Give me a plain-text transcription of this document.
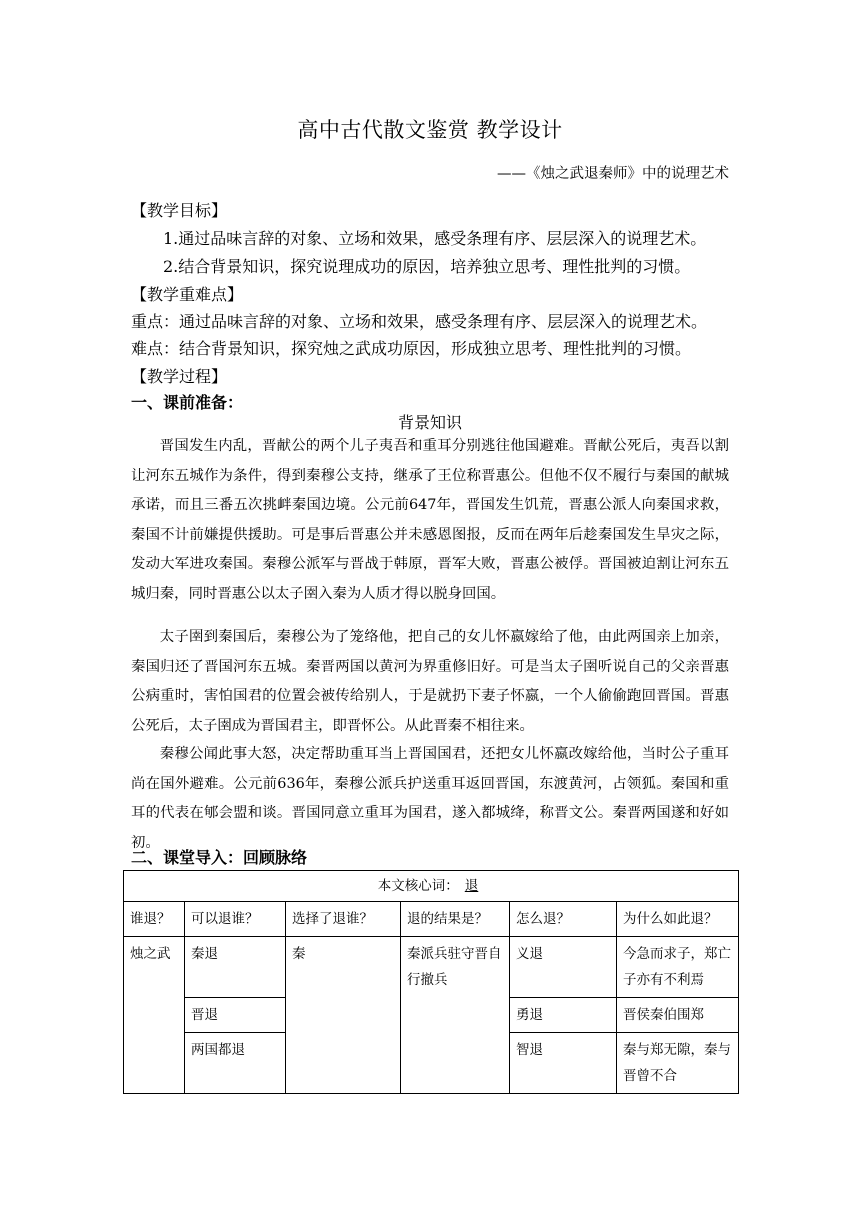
高中古代散文鉴赏 教学设计
——《烛之武退秦师》中的说理艺术
【教学目标】
1.通过品味言辞的对象、立场和效果，感受条理有序、层层深入的说理艺术。
2.结合背景知识，探究说理成功的原因，培养独立思考、理性批判的习惯。
【教学重难点】
重点：通过品味言辞的对象、立场和效果，感受条理有序、层层深入的说理艺术。
难点：结合背景知识，探究烛之武成功原因，形成独立思考、理性批判的习惯。
【教学过程】
一、课前准备：
背景知识
晋国发生内乱，晋献公的两个儿子夷吾和重耳分别逃往他国避难。晋献公死后，夷吾以割让河东五城作为条件，得到秦穆公支持，继承了王位称晋惠公。但他不仅不履行与秦国的献城承诺，而且三番五次挑衅秦国边境。公元前647年，晋国发生饥荒，晋惠公派人向秦国求救，秦国不计前嫌提供援助。可是事后晋惠公并未感恩图报，反而在两年后趁秦国发生旱灾之际，发动大军进攻秦国。秦穆公派军与晋战于韩原，晋军大败，晋惠公被俘。晋国被迫割让河东五城归秦，同时晋惠公以太子圉入秦为人质才得以脱身回国。
太子圉到秦国后，秦穆公为了笼络他，把自己的女儿怀嬴嫁给了他，由此两国亲上加亲，秦国归还了晋国河东五城。秦晋两国以黄河为界重修旧好。可是当太子圉听说自己的父亲晋惠公病重时，害怕国君的位置会被传给别人，于是就扔下妻子怀嬴，一个人偷偷跑回晋国。晋惠公死后，太子圉成为晋国君主，即晋怀公。从此晋秦不相往来。
秦穆公闻此事大怒，决定帮助重耳当上晋国国君，还把女儿怀嬴改嫁给他，当时公子重耳尚在国外避难。公元前636年，秦穆公派兵护送重耳返回晋国，东渡黄河，占领狐。秦国和重耳的代表在郇会盟和谈。晋国同意立重耳为国君，遂入都城绛，称晋文公。秦晋两国遂和好如初。
二、课堂导入：回顾脉络
本文核心词： 退					
谁退？	可以退谁？	选择了退谁？	退的结果是？	怎么退？	为什么如此退？
烛之武	秦退	秦	秦派兵驻守晋自行撤兵	义退	今急而求子，郑亡子亦有不利焉
	晋退			勇退	晋侯秦伯围郑
	两国都退			智退	秦与郑无隙，秦与晋曾不合
